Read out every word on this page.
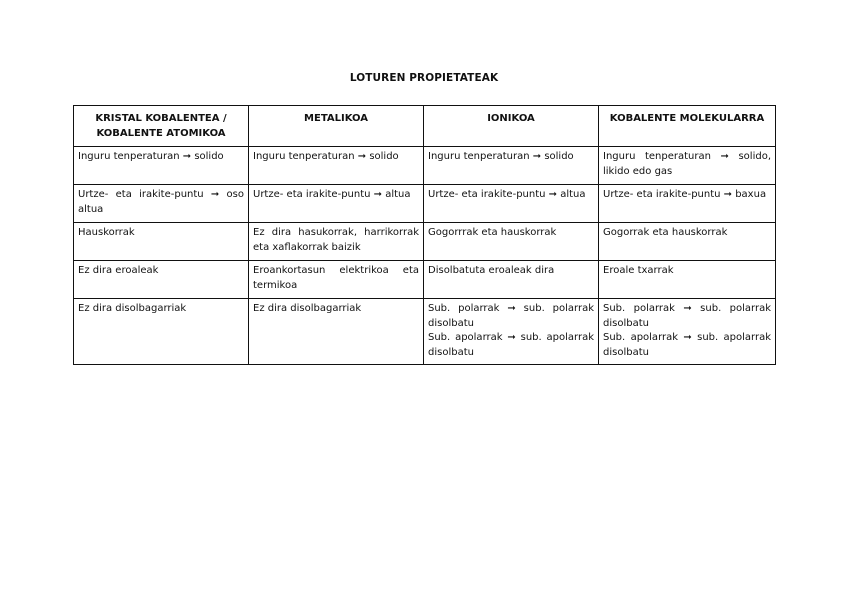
LOTUREN PROPIETATEAK
KRISTAL KOBALENTEA /
KOBALENTE ATOMIKOA	METALIKOA	IONIKOA	KOBALENTE MOLEKULARRA

Inguru tenperaturan ➞ solido	Inguru tenperaturan ➞ solido	Inguru tenperaturan ➞ solido	Inguru tenperaturan ➞ solido, likido edo gas

Urtze- eta irakite-puntu ➞ oso altua	Urtze- eta irakite-puntu ➞ altua	Urtze- eta irakite-puntu ➞ altua	Urtze- eta irakite-puntu ➞ baxua

Hauskorrak	Ez dira hasukorrak, harrikorrak eta xaflakorrak baizik	Gogorrrak eta hauskorrak	Gogorrak eta hauskorrak

Ez dira eroaleak	Eroankortasun elektrikoa eta termikoa	Disolbatuta eroaleak dira	Eroale txarrak

Ez dira disolbagarriak	Ez dira disolbagarriak	Sub. polarrak ➞ sub. polarrak disolbatu
Sub. apolarrak ➞ sub. apolarrak disolbatu	Sub. polarrak ➞ sub. polarrak disolbatu
Sub. apolarrak ➞ sub. apolarrak disolbatu
